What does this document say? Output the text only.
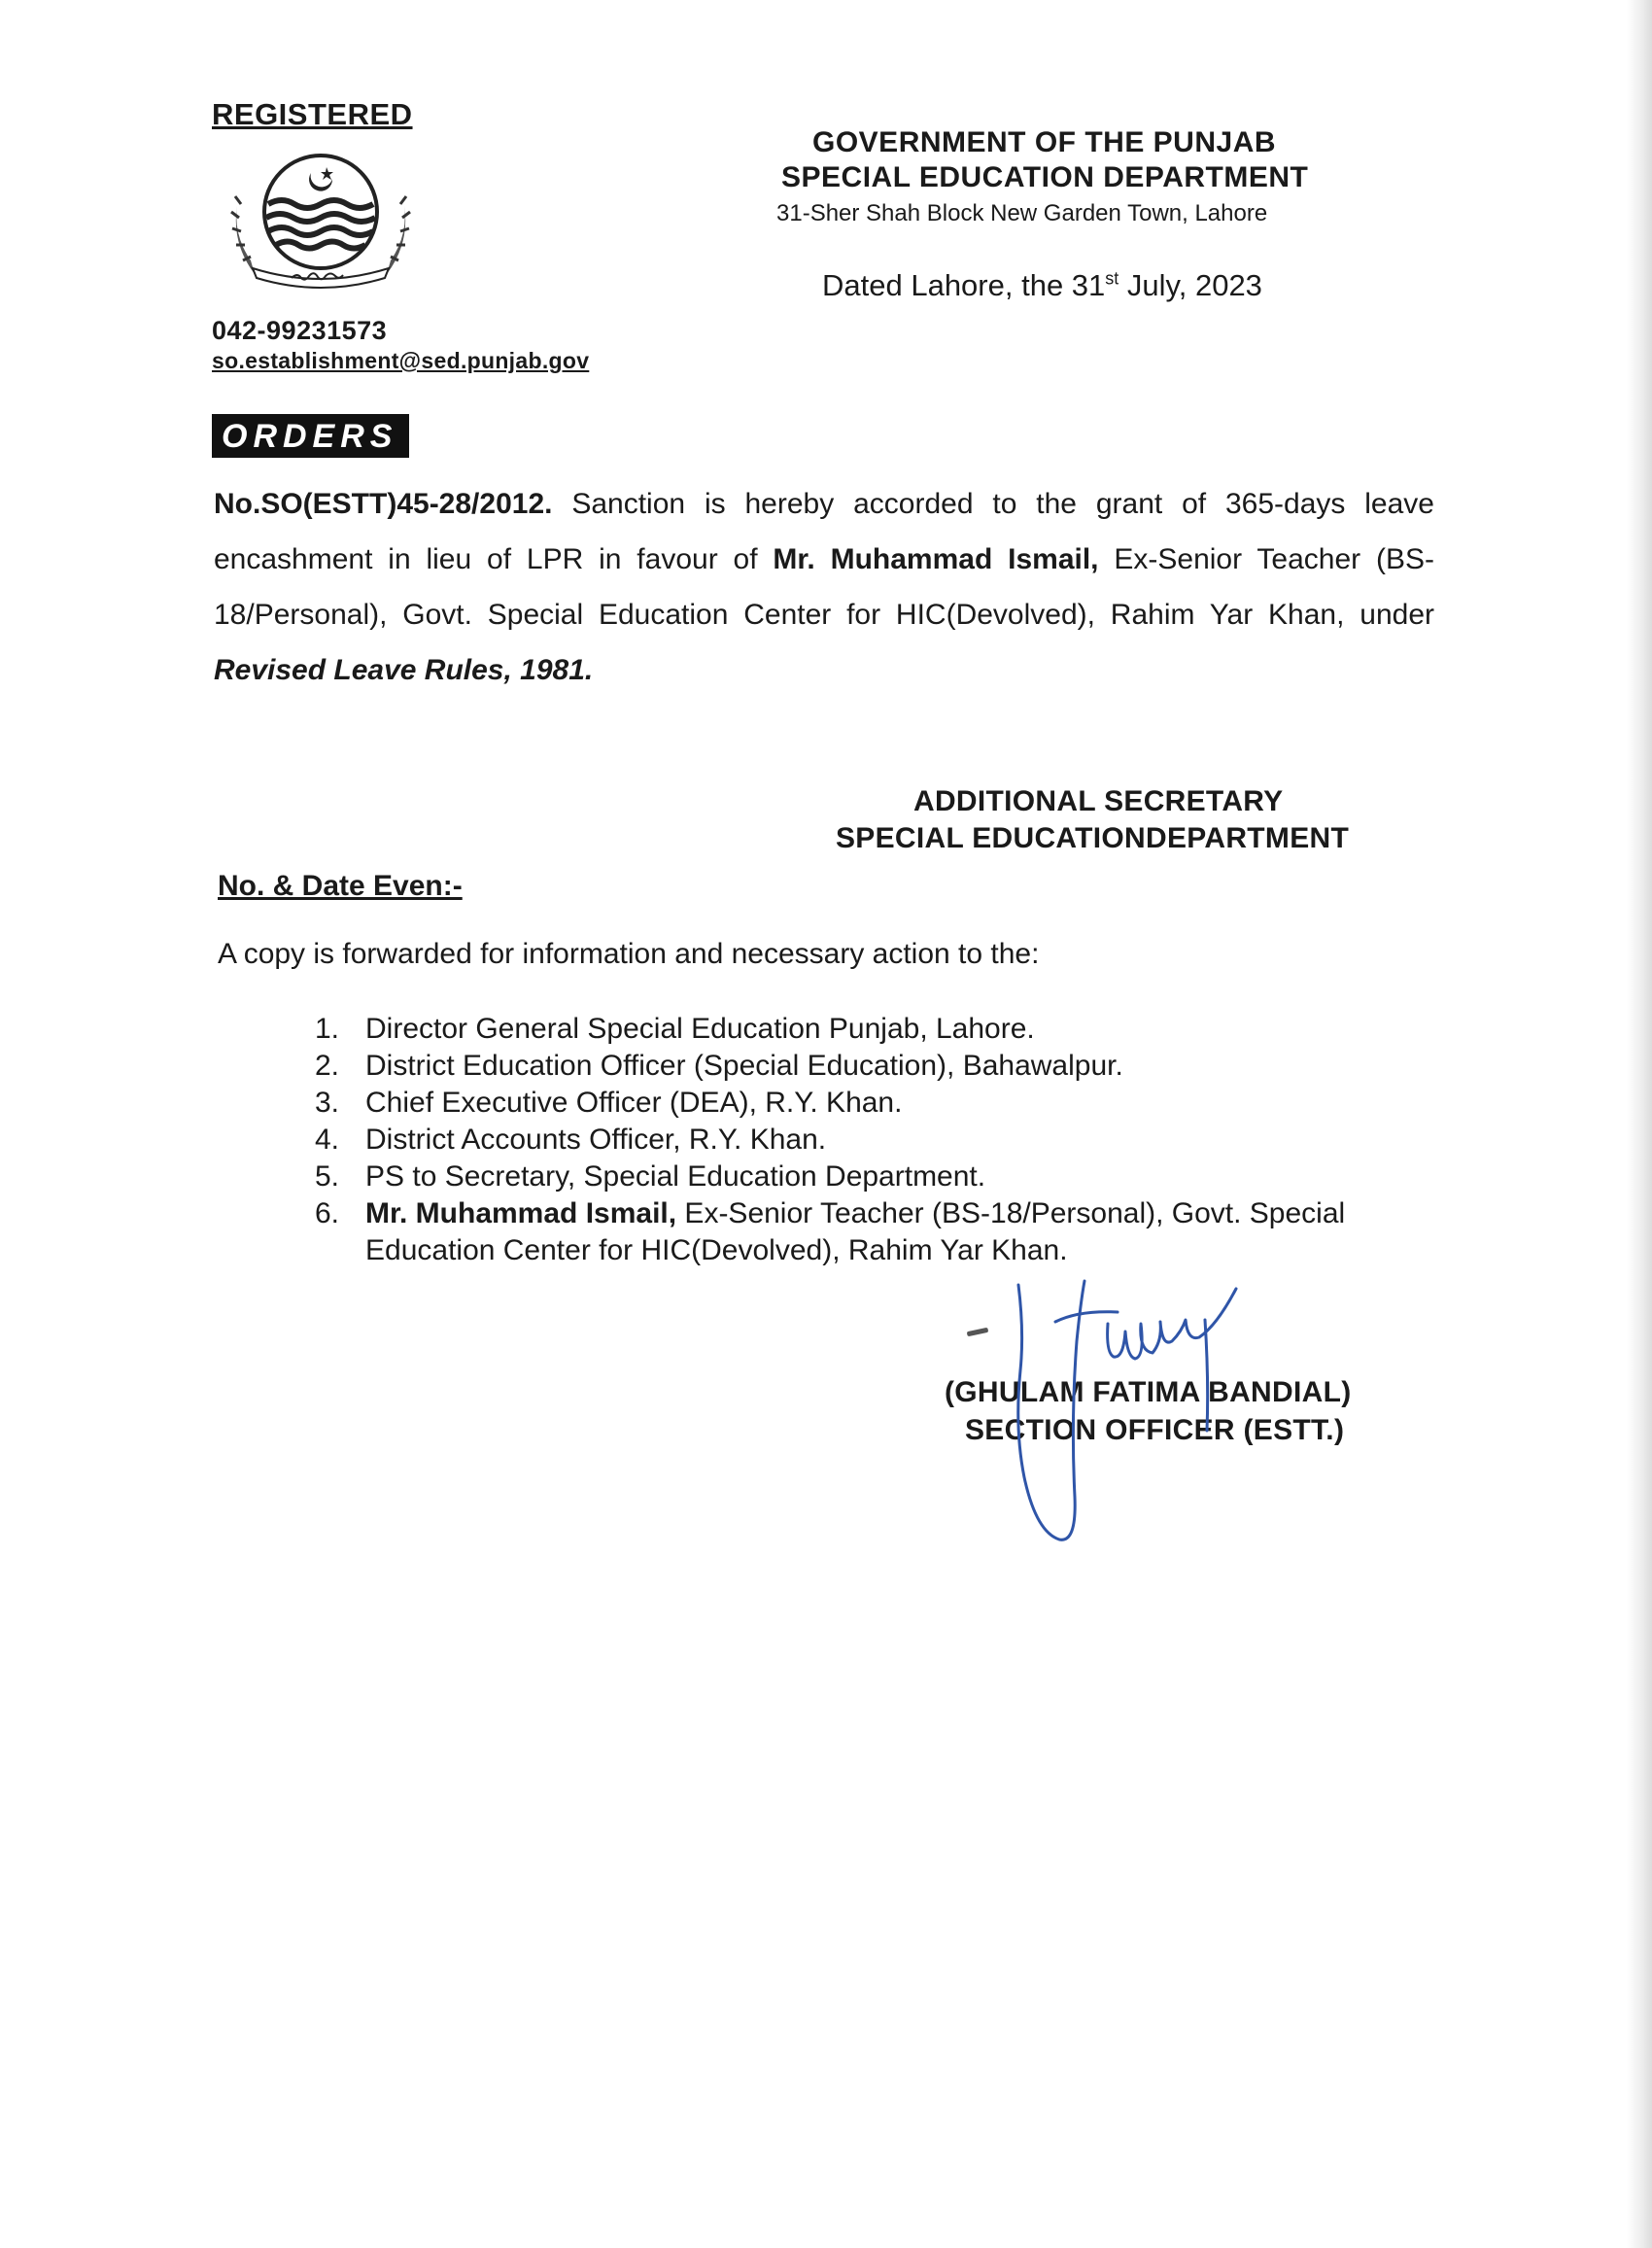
REGISTERED
042-99231573
so.establishment@sed.punjab.gov
GOVERNMENT OF THE PUNJAB
SPECIAL EDUCATION DEPARTMENT
31-Sher Shah Block New Garden Town, Lahore
Dated Lahore, the 31st July, 2023
ORDERS
No.SO(ESTT)45-28/2012. Sanction is hereby accorded to the grant of 365-days leave encashment in lieu of LPR in favour of Mr. Muhammad Ismail, Ex-Senior Teacher (BS-18/Personal), Govt. Special Education Center for HIC(Devolved), Rahim Yar Khan, under Revised Leave Rules, 1981.
ADDITIONAL SECRETARY
SPECIAL EDUCATIONDEPARTMENT
No. & Date Even:-
A copy is forwarded for information and necessary action to the:
1. Director General Special Education Punjab, Lahore.
2. District Education Officer (Special Education), Bahawalpur.
3. Chief Executive Officer (DEA), R.Y. Khan.
4. District Accounts Officer, R.Y. Khan.
5. PS to Secretary, Special Education Department.
6. Mr. Muhammad Ismail, Ex-Senior Teacher (BS-18/Personal), Govt. Special Education Center for HIC(Devolved), Rahim Yar Khan.
(GHULAM FATIMA BANDIAL)
SECTION OFFICER (ESTT.)
